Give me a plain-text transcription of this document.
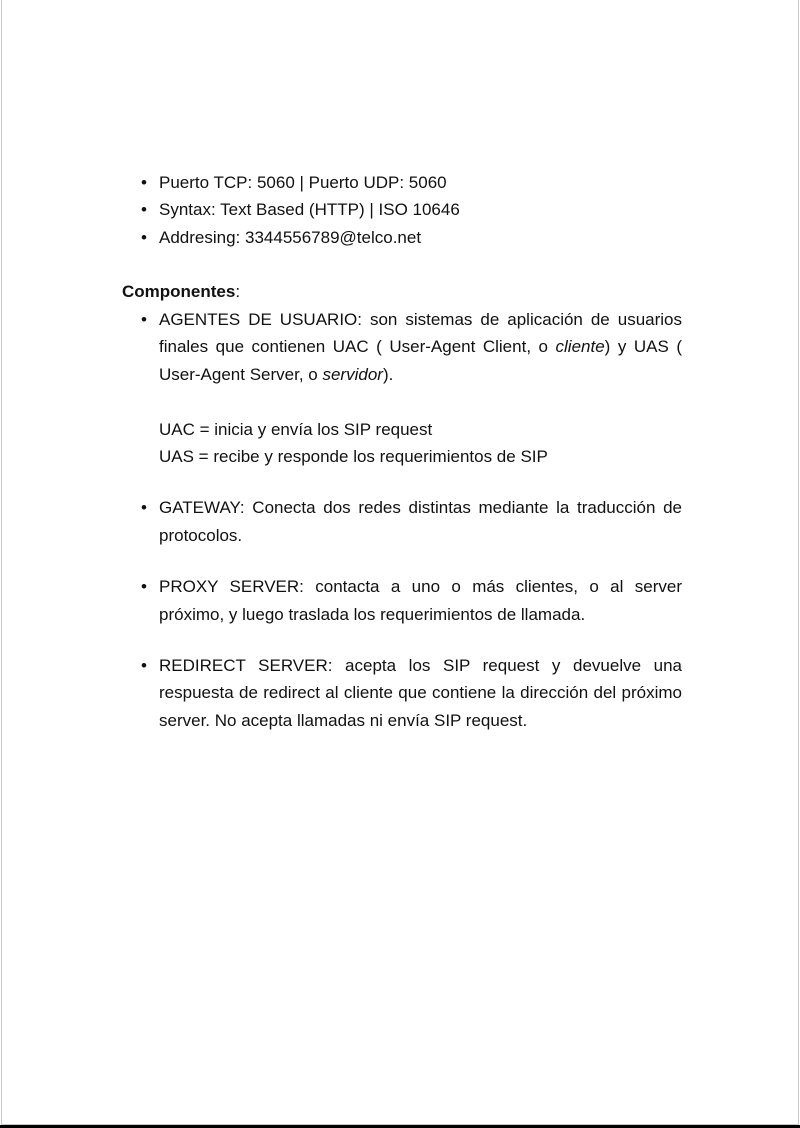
• Puerto TCP: 5060 | Puerto UDP: 5060
• Syntax: Text Based (HTTP) | ISO 10646
• Addresing: 3344556789@telco.net
Componentes:
• AGENTES DE USUARIO: son sistemas de aplicación de usuarios finales que contienen UAC ( User-Agent Client, o cliente) y UAS ( User-Agent Server, o servidor).
UAC = inicia y envía los SIP request
UAS = recibe y responde los requerimientos de SIP
• GATEWAY: Conecta dos redes distintas mediante la traducción de protocolos.
• PROXY SERVER: contacta a uno o más clientes, o al server próximo, y luego traslada los requerimientos de llamada.
• REDIRECT SERVER: acepta los SIP request y devuelve una respuesta de redirect al cliente que contiene la dirección del próximo server. No acepta llamadas ni envía SIP request.
